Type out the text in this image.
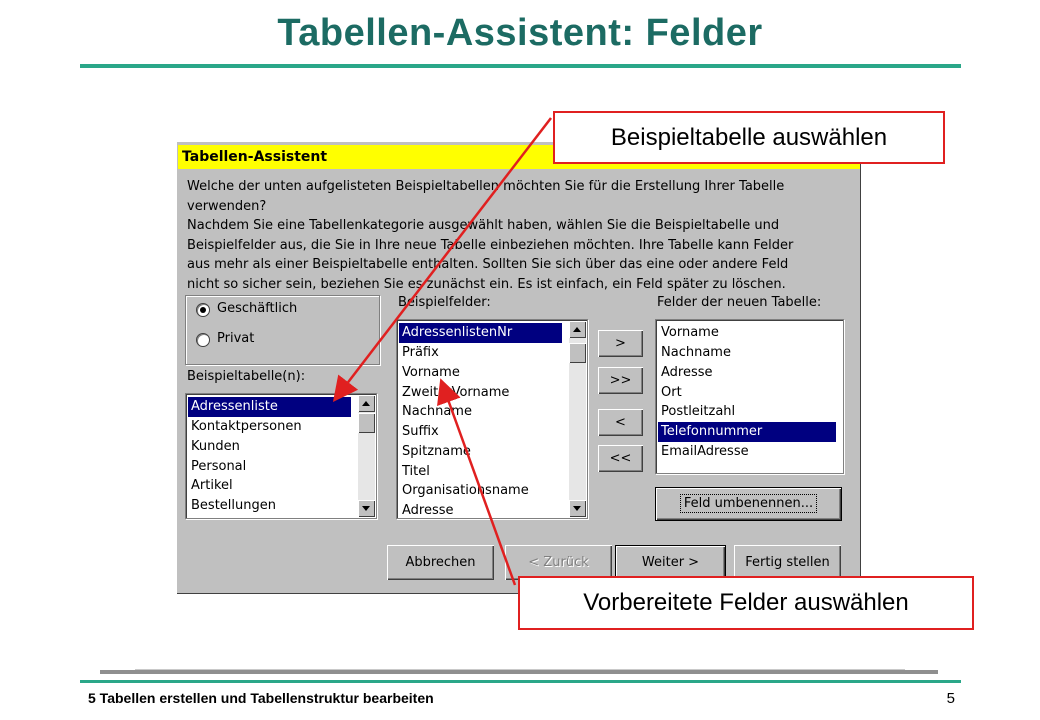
Tabellen-Assistent: Felder
Tabellen-Assistent
Welche der unten aufgelisteten Beispieltabellen möchten Sie für die Erstellung Ihrer Tabelle
verwenden?
Nachdem Sie eine Tabellenkategorie ausgewählt haben, wählen Sie die Beispieltabelle und
Beispielfelder aus, die Sie in Ihre neue Tabelle einbeziehen möchten. Ihre Tabelle kann Felder
aus mehr als einer Beispieltabelle enthalten. Sollten Sie sich über das eine oder andere Feld
nicht so sicher sein, beziehen Sie es zunächst ein. Es ist einfach, ein Feld später zu löschen.
Geschäftlich
Privat
Beispieltabelle(n):
Adressenliste
Kontaktpersonen
Kunden
Personal
Artikel
Bestellungen
Beispielfelder:
AdressenlistenNr
Präfix
Vorname
ZweiterVorname
Nachname
Suffix
Spitzname
Titel
Organisationsname
Adresse
>
>>
<
<<
Felder der neuen Tabelle:
Vorname
Nachname
Adresse
Ort
Postleitzahl
Telefonnummer
EmailAdresse
Feld umbenennen...
Abbrechen	< Zurück	Weiter >	Fertig stellen
Beispieltabelle auswählen
Vorbereitete Felder auswählen
5 Tabellen erstellen und Tabellenstruktur bearbeiten	5
